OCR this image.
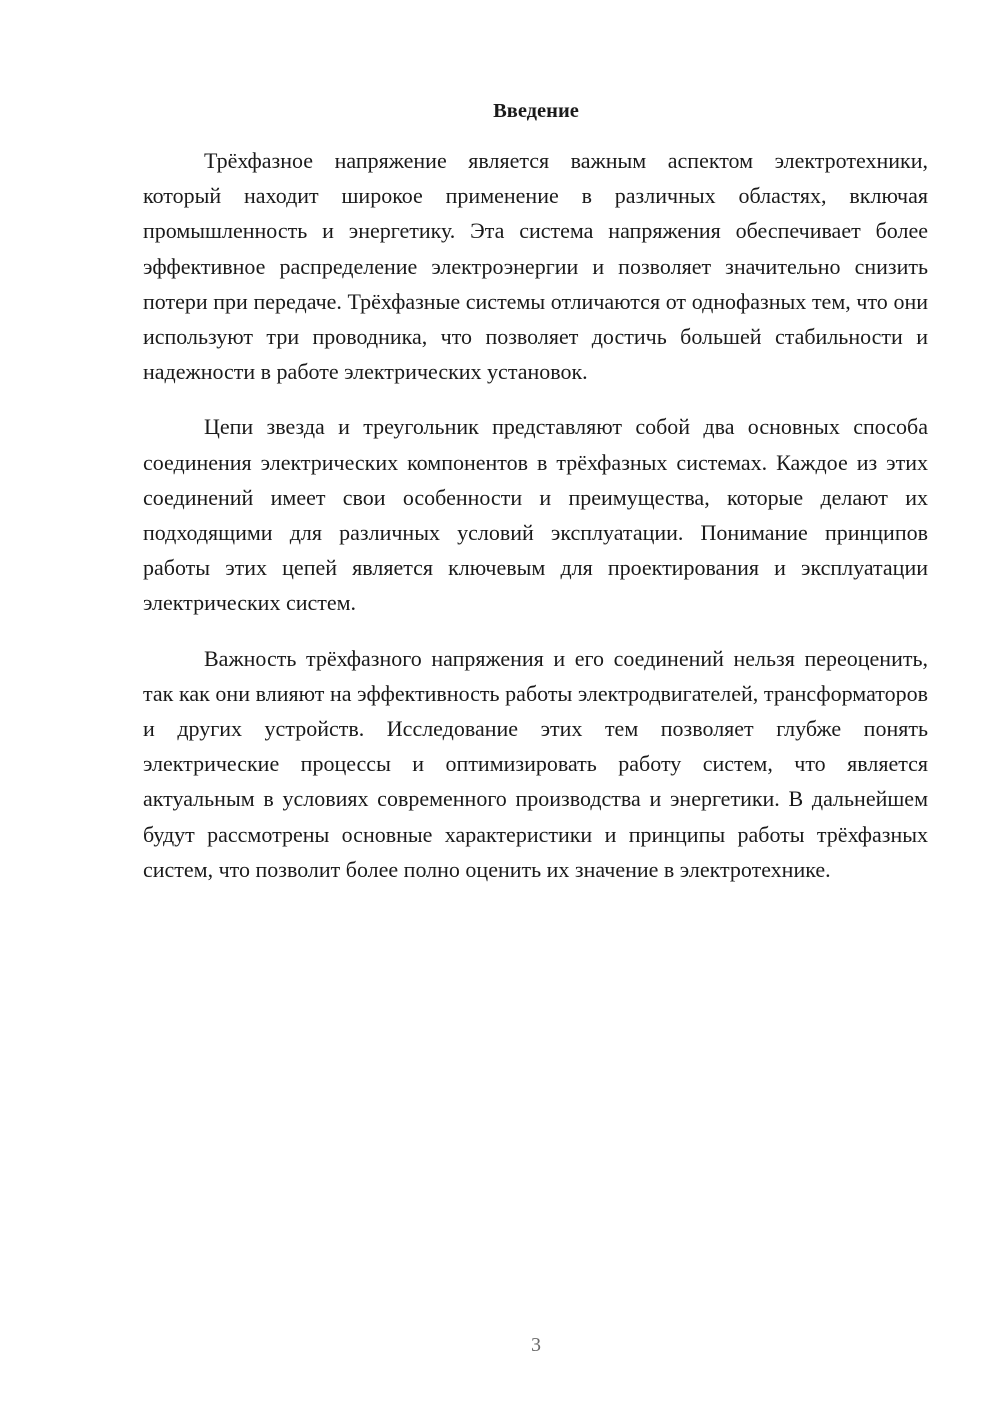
Введение

Трёхфазное напряжение является важным аспектом электротехники, который находит широкое применение в различных областях, включая промышленность и энергетику. Эта система напряжения обеспечивает более эффективное распределение электроэнергии и позволяет значительно снизить потери при передаче. Трёхфазные системы отличаются от однофазных тем, что они используют три проводника, что позволяет достичь большей стабильности и надежности в работе электрических установок.

Цепи звезда и треугольник представляют собой два основных способа соединения электрических компонентов в трёхфазных системах. Каждое из этих соединений имеет свои особенности и преимущества, которые делают их подходящими для различных условий эксплуатации. Понимание принципов работы этих цепей является ключевым для проектирования и эксплуатации электрических систем.

Важность трёхфазного напряжения и его соединений нельзя переоценить, так как они влияют на эффективность работы электродвигателей, трансформаторов и других устройств. Исследование этих тем позволяет глубже понять электрические процессы и оптимизировать работу систем, что является актуальным в условиях современного производства и энергетики. В дальнейшем будут рассмотрены основные характеристики и принципы работы трёхфазных систем, что позволит более полно оценить их значение в электротехнике.

3
